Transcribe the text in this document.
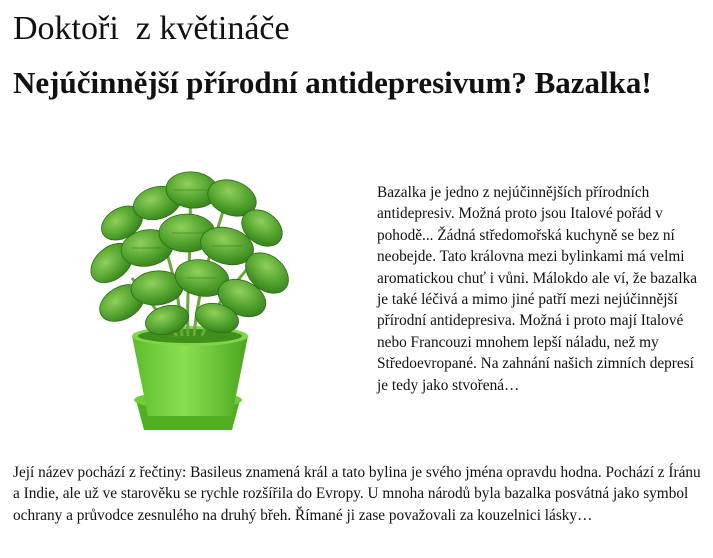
Doktoři  z květináče
Nejúčinnější přírodní antidepresivum? Bazalka!

Bazalka je jedno z nejúčinnějších přírodních antidepresiv. Možná proto jsou Italové pořád v pohodě... Žádná středomořská kuchyně se bez ní neobejde. Tato královna mezi bylinkami má velmi aromatickou chuť i vůni. Málokdo ale ví, že bazalka je také léčivá a mimo jiné patří mezi nejúčinnější přírodní antidepresiva. Možná i proto mají Italové nebo Francouzi mnohem lepší náladu, než my Středoevropané. Na zahnání našich zimních depresí je tedy jako stvořená…

Její název pochází z řečtiny: Basileus znamená král a tato bylina je svého jména opravdu hodna. Pochází z Íránu a Indie, ale už ve starověku se rychle rozšířila do Evropy. U mnoha národů byla bazalka posvátná jako symbol ochrany a průvodce zesnulého na druhý břeh. Římané ji zase považovali za kouzelnici lásky…
